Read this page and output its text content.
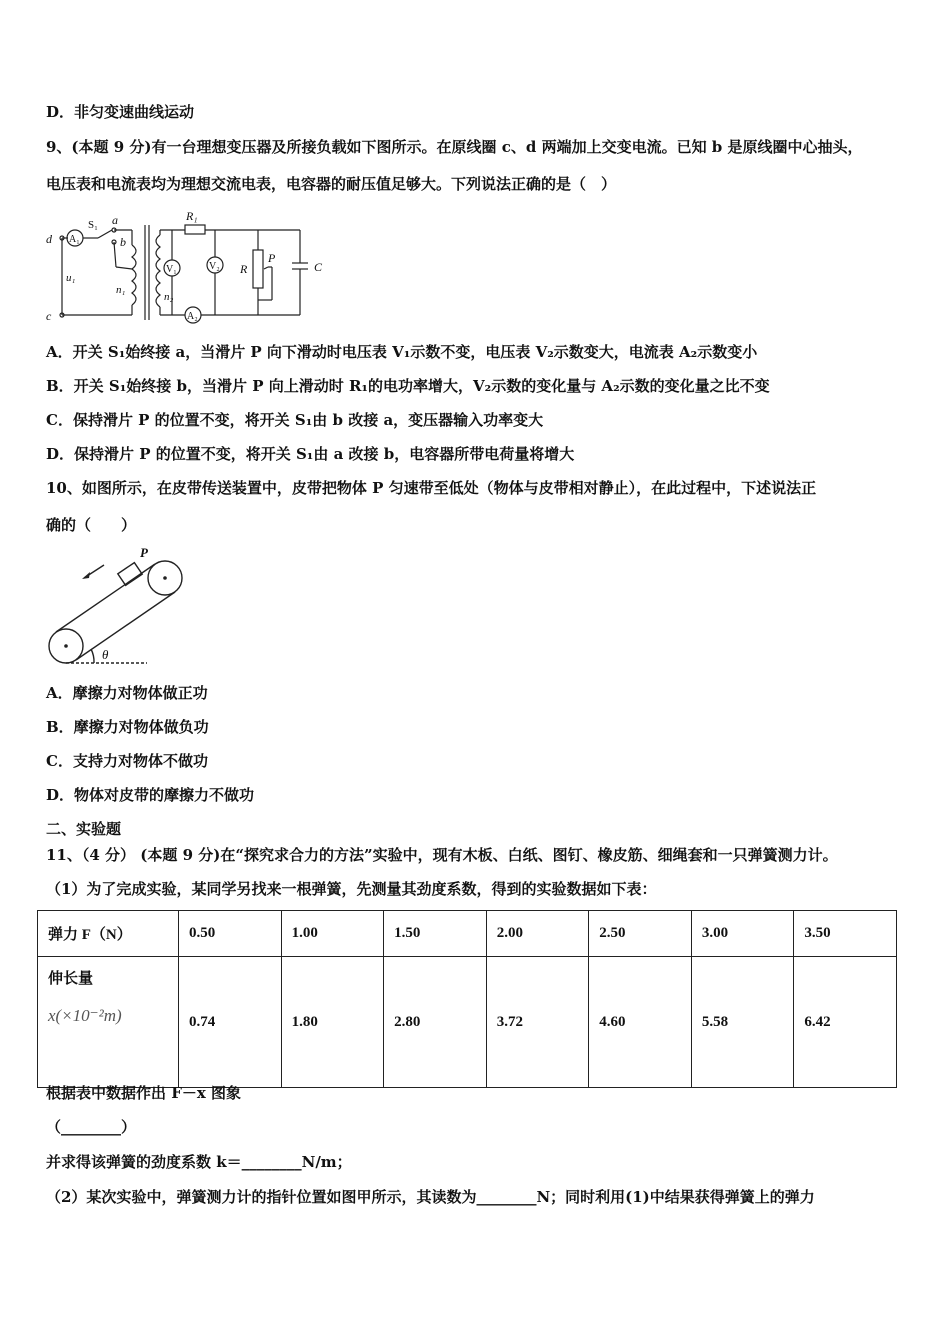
D．非匀变速曲线运动
9、(本题 9 分)有一台理想变压器及所接负载如下图所示。在原线圈 c、d 两端加上交变电流。已知 b 是原线圈中心抽头，
电压表和电流表均为理想交流电表，电容器的耐压值足够大。下列说法正确的是（　）
d
c
A₁
S₁ a
b
u₁
n₁
n₂
R₁
V₁	V₂
A₂
R
P
C
A．开关 S₁始终接 a，当滑片 P 向下滑动时电压表 V₁示数不变，电压表 V₂示数变大，电流表 A₂示数变小
B．开关 S₁始终接 b，当滑片 P 向上滑动时 R₁的电功率增大，V₂示数的变化量与 A₂示数的变化量之比不变
C．保持滑片 P 的位置不变，将开关 S₁由 b 改接 a，变压器输入功率变大
D．保持滑片 P 的位置不变，将开关 S₁由 a 改接 b，电容器所带电荷量将增大
10、如图所示，在皮带传送装置中，皮带把物体 P 匀速带至低处（物体与皮带相对静止），在此过程中，下述说法正
确的（　　）
P
θ
A．摩擦力对物体做正功
B．摩擦力对物体做负功
C．支持力对物体不做功
D．物体对皮带的摩擦力不做功
二、实验题
11、（4 分） (本题 9 分)在“探究求合力的方法”实验中，现有木板、白纸、图钉、橡皮筋、细绳套和一只弹簧测力计。
（1）为了完成实验，某同学另找来一根弹簧，先测量其劲度系数，得到的实验数据如下表：
弹力 F（N）	0.50	1.00	1.50	2.00	2.50	3.00	3.50
伸长量
x(×10⁻²m)	0.74	1.80	2.80	3.72	4.60	5.58	6.42
根据表中数据作出 F－x 图象
（________）
并求得该弹簧的劲度系数 k＝________N/m；
（2）某次实验中，弹簧测力计的指针位置如图甲所示，其读数为________N；同时利用(1)中结果获得弹簧上的弹力
